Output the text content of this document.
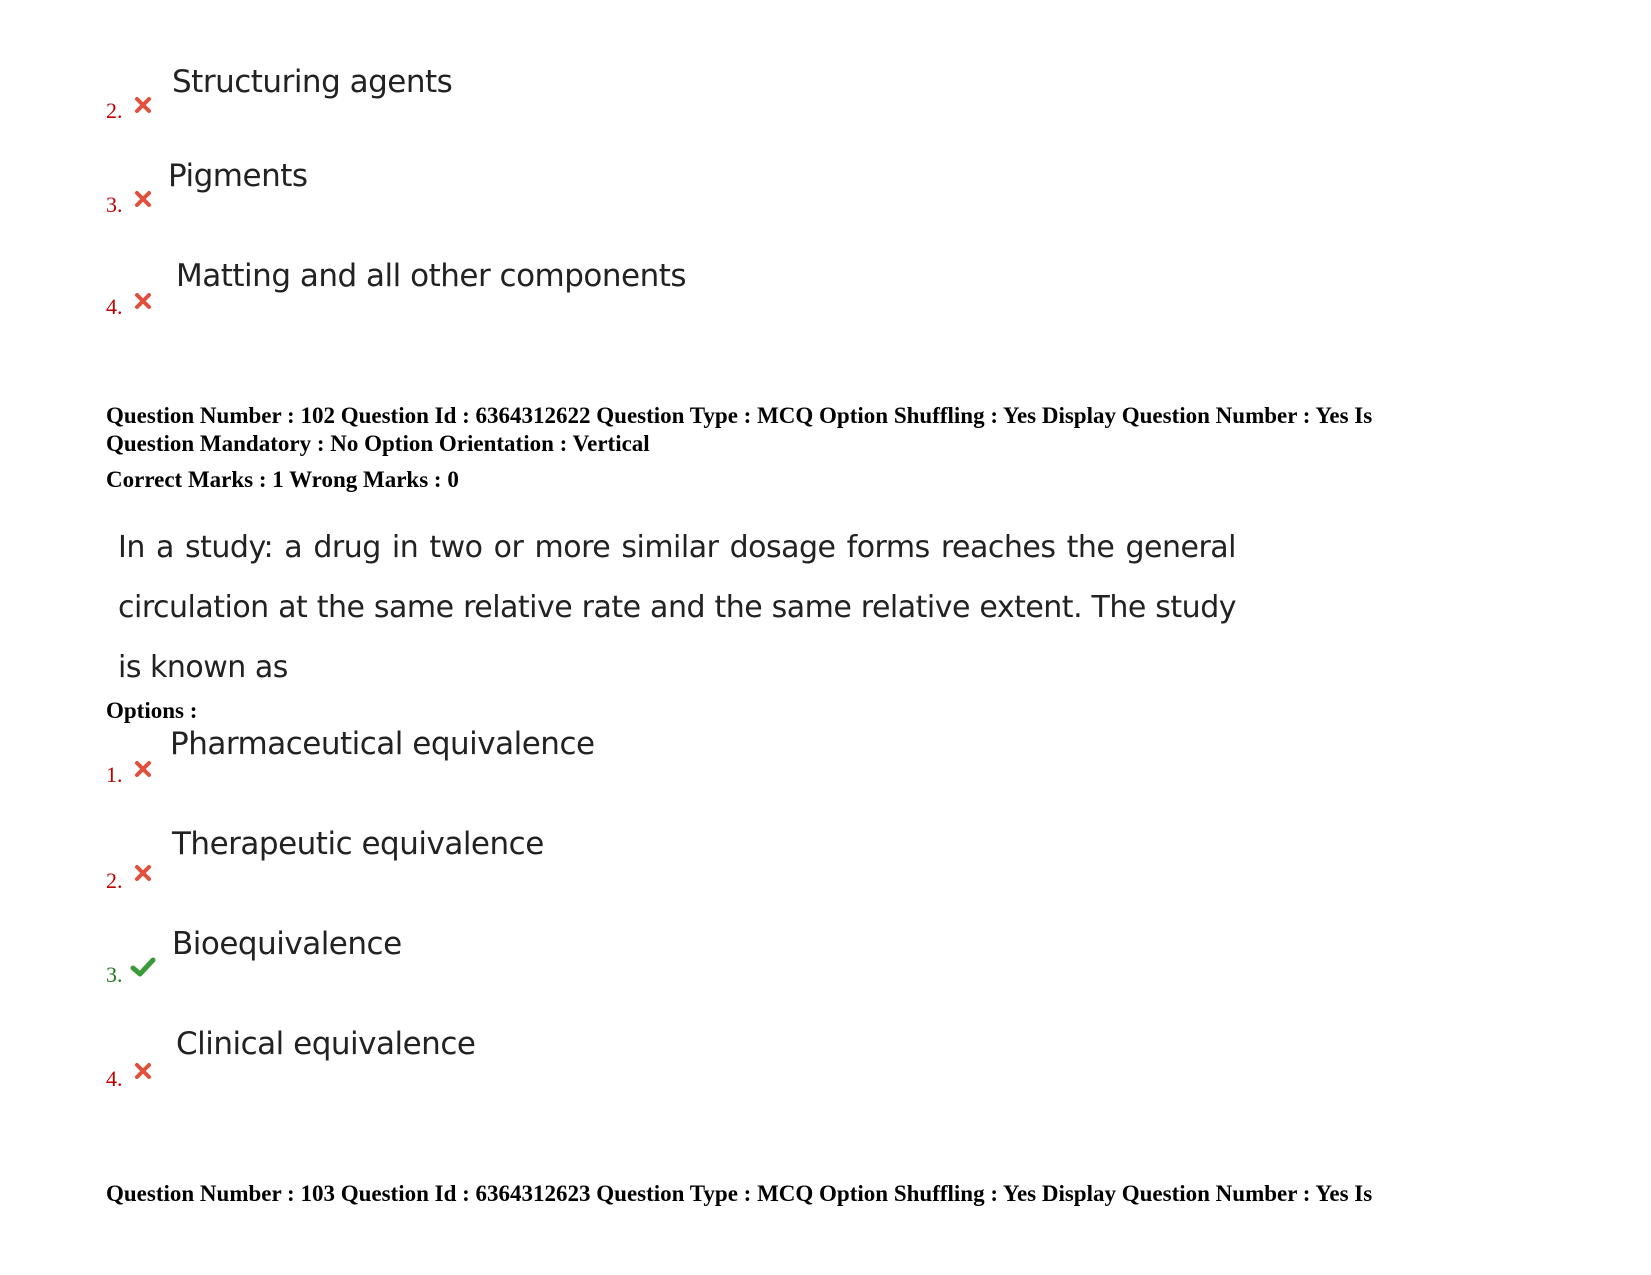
2.
Structuring agents
3.
Pigments
4.
Matting and all other components
Question Number : 102 Question Id : 6364312622 Question Type : MCQ Option Shuffling : Yes Display Question Number : Yes Is
Question Mandatory : No Option Orientation : Vertical
Correct Marks : 1 Wrong Marks : 0
In a study: a drug in two or more similar dosage forms reaches the general circulation at the same relative rate and the same relative extent. The study is known as
Options :
1.
Pharmaceutical equivalence
2.
Therapeutic equivalence
3.
Bioequivalence
4.
Clinical equivalence
Question Number : 103 Question Id : 6364312623 Question Type : MCQ Option Shuffling : Yes Display Question Number : Yes Is
